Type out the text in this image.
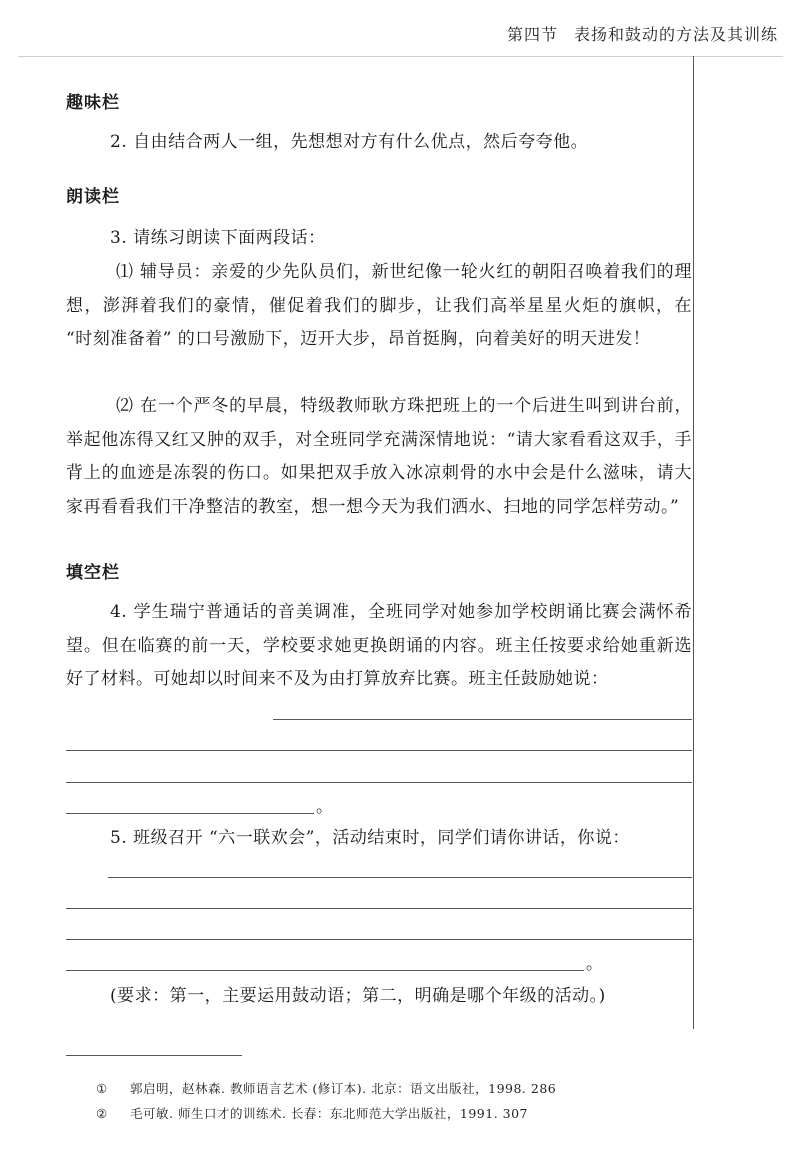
第四节 表扬和鼓动的方法及其训练
趣味栏
2. 自由结合两人一组，先想想对方有什么优点，然后夸夸他。
朗读栏
3. 请练习朗读下面两段话：
⑴ 辅导员：亲爱的少先队员们，新世纪像一轮火红的朝阳召唤着我们的理想，澎湃着我们的豪情，催促着我们的脚步，让我们高举星星火炬的旗帜，在 “时刻准备着” 的口号激励下，迈开大步，昂首挺胸，向着美好的明天进发！
⑵ 在一个严冬的早晨，特级教师耿方珠把班上的一个后进生叫到讲台前，举起他冻得又红又肿的双手，对全班同学充满深情地说：“请大家看看这双手，手背上的血迹是冻裂的伤口。如果把双手放入冰凉刺骨的水中会是什么滋味，请大家再看看我们干净整洁的教室，想一想今天为我们洒水、扫地的同学怎样劳动。”
填空栏
4. 学生瑞宁普通话的音美调准，全班同学对她参加学校朗诵比赛会满怀希望。但在临赛的前一天，学校要求她更换朗诵的内容。班主任按要求给她重新选好了材料。可她却以时间来不及为由打算放弃比赛。班主任鼓励她说：
。
5. 班级召开 “六一联欢会”，活动结束时，同学们请你讲话，你说：
。
(要求：第一，主要运用鼓动语；第二，明确是哪个年级的活动。)
① 郭启明，赵林森. 教师语言艺术 (修订本). 北京：语文出版社，1998. 286
② 毛可敏. 师生口才的训练术. 长春：东北师范大学出版社，1991. 307
